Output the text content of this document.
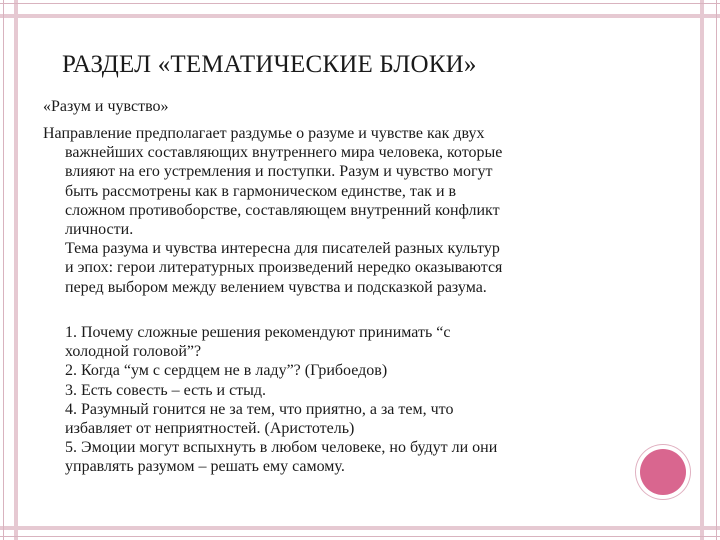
РАЗДЕЛ «ТЕМАТИЧЕСКИЕ БЛОКИ»
«Разум и чувство»
Направление предполагает раздумье о разуме и чувстве как двух
важнейших составляющих внутреннего мира человека, которые
влияют на его устремления и поступки. Разум и чувство могут
быть рассмотрены как в гармоническом единстве, так и в
сложном противоборстве, составляющем внутренний конфликт
личности.
Тема разума и чувства интересна для писателей разных культур
и эпох: герои литературных произведений нередко оказываются
перед выбором между велением чувства и подсказкой разума.
1. Почему сложные решения рекомендуют принимать “с
холодной головой”?
2. Когда “ум с сердцем не в ладу”? (Грибоедов)
3. Есть совесть – есть и стыд.
4. Разумный гонится не за тем, что приятно, а за тем, что
избавляет от неприятностей. (Аристотель)
5. Эмоции могут вспыхнуть в любом человеке, но будут ли они
управлять разумом – решать ему самому.
